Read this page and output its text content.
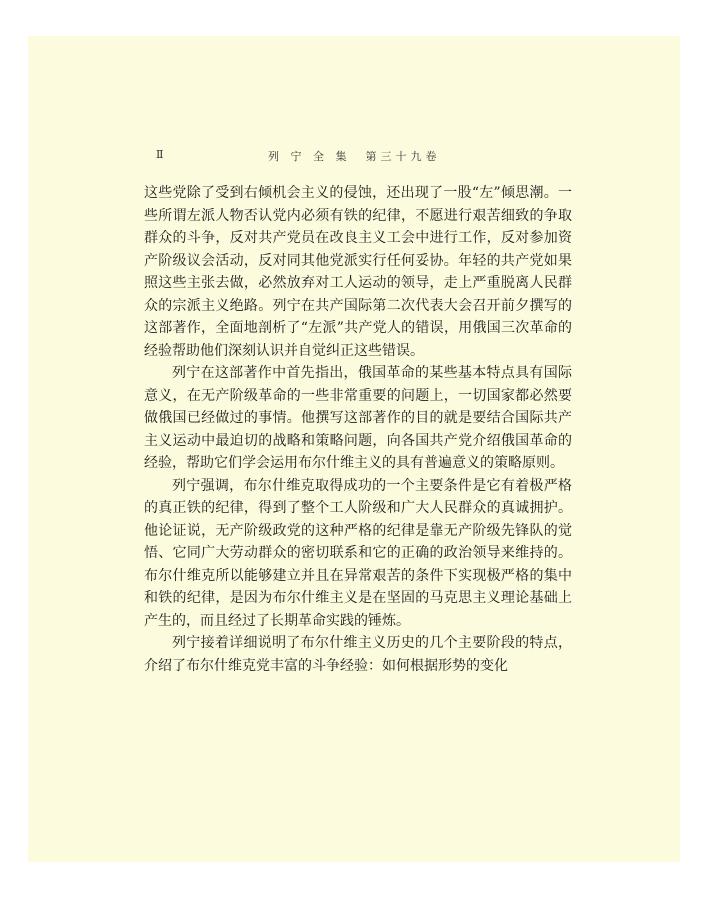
Ⅱ	列 宁 全 集　第三十九卷

这些党除了受到右倾机会主义的侵蚀，还出现了一股“左”倾思潮。一些所谓左派人物否认党内必须有铁的纪律，不愿进行艰苦细致的争取群众的斗争，反对共产党员在改良主义工会中进行工作，反对参加资产阶级议会活动，反对同其他党派实行任何妥协。年轻的共产党如果照这些主张去做，必然放弃对工人运动的领导，走上严重脱离人民群众的宗派主义绝路。列宁在共产国际第二次代表大会召开前夕撰写的这部著作，全面地剖析了“左派”共产党人的错误，用俄国三次革命的经验帮助他们深刻认识并自觉纠正这些错误。

列宁在这部著作中首先指出，俄国革命的某些基本特点具有国际意义，在无产阶级革命的一些非常重要的问题上，一切国家都必然要做俄国已经做过的事情。他撰写这部著作的目的就是要结合国际共产主义运动中最迫切的战略和策略问题，向各国共产党介绍俄国革命的经验，帮助它们学会运用布尔什维主义的具有普遍意义的策略原则。

列宁强调，布尔什维克取得成功的一个主要条件是它有着极严格的真正铁的纪律，得到了整个工人阶级和广大人民群众的真诚拥护。他论证说，无产阶级政党的这种严格的纪律是靠无产阶级先锋队的觉悟、它同广大劳动群众的密切联系和它的正确的政治领导来维持的。布尔什维克所以能够建立并且在异常艰苦的条件下实现极严格的集中和铁的纪律，是因为布尔什维主义是在坚固的马克思主义理论基础上产生的，而且经过了长期革命实践的锤炼。

列宁接着详细说明了布尔什维主义历史的几个主要阶段的特点，介绍了布尔什维克党丰富的斗争经验：如何根据形势的变化
